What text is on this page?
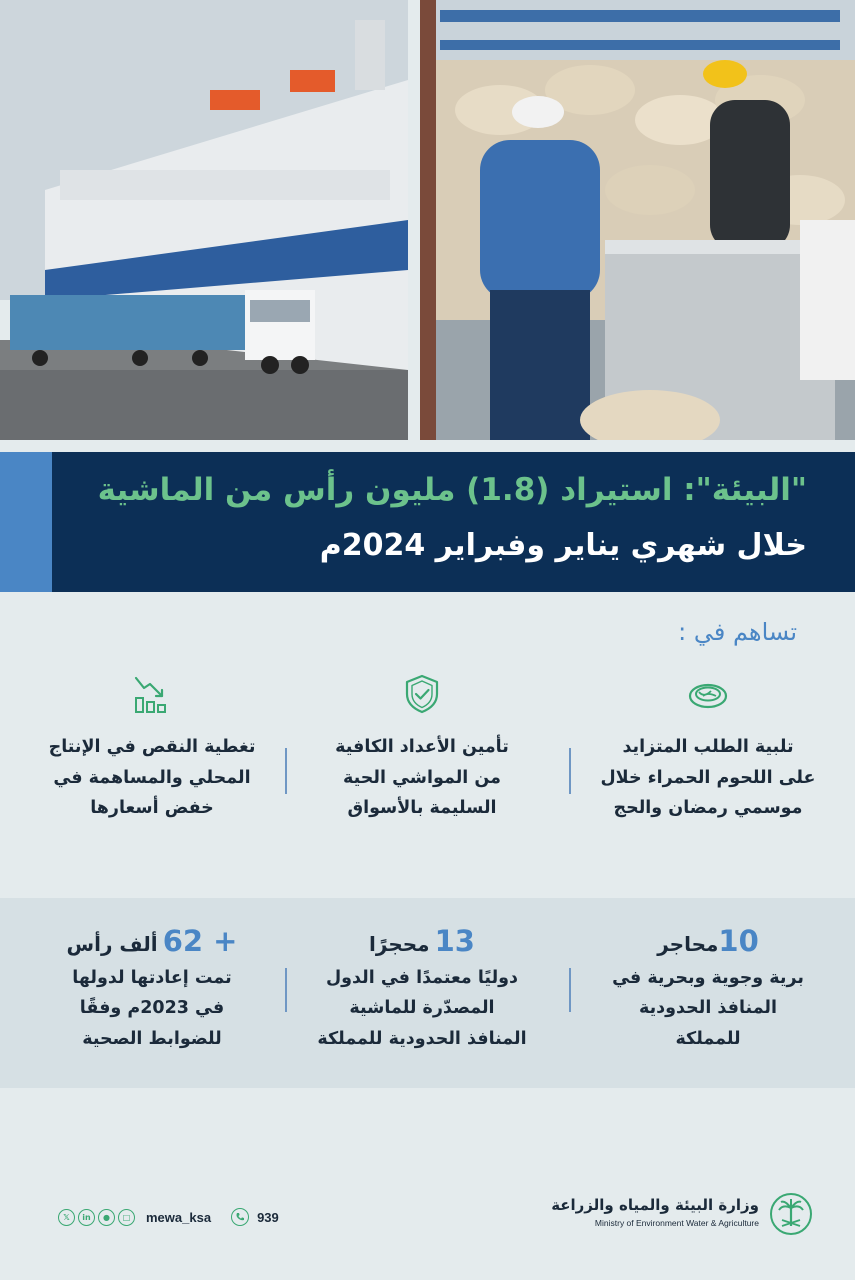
"البيئة": استيراد (1.8) مليون رأس من الماشية
خلال شهري يناير وفبراير 2024م
تساهم في :
تلبية الطلب المتزايد
على اللحوم الحمراء خلال
موسمي رمضان والحج
تأمين الأعداد الكافية
من المواشي الحية
السليمة بالأسواق
تغطية النقص في الإنتاج
المحلي والمساهمة في
خفض أسعارها
10محاجر
برية وجوية وبحرية في
المنافذ الحدودية
للمملكة
13 محجرًا
دوليًا معتمدًا في الدول
المصدّرة للماشية
المنافذ الحدودية للمملكة
62 + ألف رأس
تمت إعادتها لدولها
في 2023م وفقًا
للضوابط الصحية
𝕏	in	●	□	mewa_ksa	939
وزارة البيئة والمياه والزراعة
Ministry of Environment Water & Agriculture
